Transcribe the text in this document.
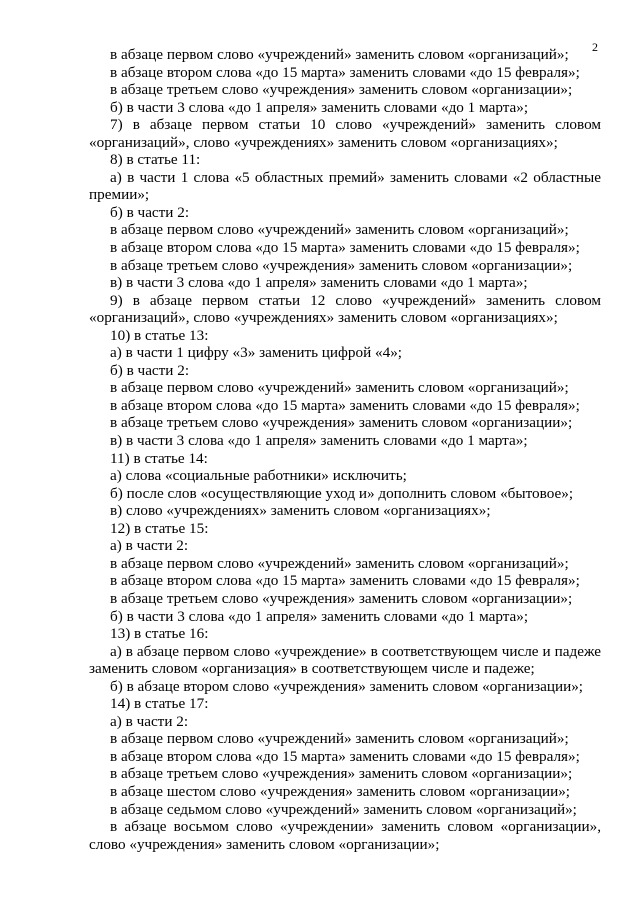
2
в абзаце первом слово «учреждений» заменить словом «организаций»;
в абзаце втором слова «до 15 марта» заменить словами «до 15 февраля»;
в абзаце третьем слово «учреждения» заменить словом «организации»;
б) в части 3 слова «до 1 апреля» заменить словами «до 1 марта»;
7) в абзаце первом статьи 10 слово «учреждений» заменить словом
«организаций», слово «учреждениях» заменить словом «организациях»;
8) в статье 11:
а) в части 1 слова «5 областных премий» заменить словами «2 областные
премии»;
б) в части 2:
в абзаце первом слово «учреждений» заменить словом «организаций»;
в абзаце втором слова «до 15 марта» заменить словами «до 15 февраля»;
в абзаце третьем слово «учреждения» заменить словом «организации»;
в) в части 3 слова «до 1 апреля» заменить словами «до 1 марта»;
9) в абзаце первом статьи 12 слово «учреждений» заменить словом
«организаций», слово «учреждениях» заменить словом «организациях»;
10) в статье 13:
а) в части 1 цифру «3» заменить цифрой «4»;
б) в части 2:
в абзаце первом слово «учреждений» заменить словом «организаций»;
в абзаце втором слова «до 15 марта» заменить словами «до 15 февраля»;
в абзаце третьем слово «учреждения» заменить словом «организации»;
в) в части 3 слова «до 1 апреля» заменить словами «до 1 марта»;
11) в статье 14:
а) слова «социальные работники» исключить;
б) после слов «осуществляющие уход и» дополнить словом «бытовое»;
в) слово «учреждениях» заменить словом «организациях»;
12) в статье 15:
а) в части 2:
в абзаце первом слово «учреждений» заменить словом «организаций»;
в абзаце втором слова «до 15 марта» заменить словами «до 15 февраля»;
в абзаце третьем слово «учреждения» заменить словом «организации»;
б) в части 3 слова «до 1 апреля» заменить словами «до 1 марта»;
13) в статье 16:
а) в абзаце первом слово «учреждение» в соответствующем числе и падеже
заменить словом «организация» в соответствующем числе и падеже;
б) в абзаце втором слово «учреждения» заменить словом «организации»;
14) в статье 17:
а) в части 2:
в абзаце первом слово «учреждений» заменить словом «организаций»;
в абзаце втором слова «до 15 марта» заменить словами «до 15 февраля»;
в абзаце третьем слово «учреждения» заменить словом «организации»;
в абзаце шестом слово «учреждения» заменить словом «организации»;
в абзаце седьмом слово «учреждений» заменить словом «организаций»;
в абзаце восьмом слово «учреждении» заменить словом «организации»,
слово «учреждения» заменить словом «организации»;
